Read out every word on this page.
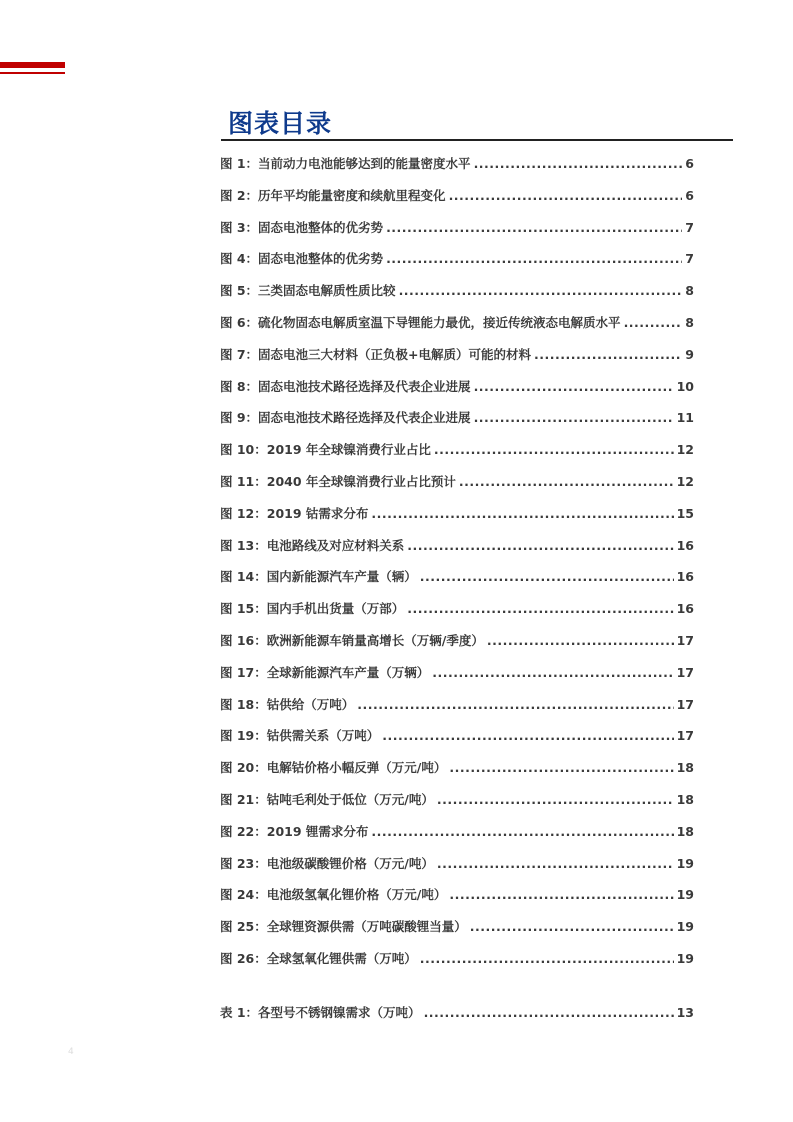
图表目录
图 1：当前动力电池能够达到的能量密度水平 .....	6
图 2：历年平均能量密度和续航里程变化 .....	6
图 3：固态电池整体的优劣势 .....	7
图 4：固态电池整体的优劣势 .....	7
图 5：三类固态电解质性质比较 .....	8
图 6：硫化物固态电解质室温下导锂能力最优，接近传统液态电解质水平 .....	8
图 7：固态电池三大材料（正负极+电解质）可能的材料 .....	9
图 8：固态电池技术路径选择及代表企业进展 .....	10
图 9：固态电池技术路径选择及代表企业进展 .....	11
图 10：2019 年全球镍消费行业占比 .....	12
图 11：2040 年全球镍消费行业占比预计 .....	12
图 12：2019 钴需求分布 .....	15
图 13：电池路线及对应材料关系 .....	16
图 14：国内新能源汽车产量（辆） .....	16
图 15：国内手机出货量（万部） .....	16
图 16：欧洲新能源车销量高增长（万辆/季度） .....	17
图 17：全球新能源汽车产量（万辆） .....	17
图 18：钴供给（万吨） .....	17
图 19：钴供需关系（万吨） .....	17
图 20：电解钴价格小幅反弹（万元/吨） .....	18
图 21：钴吨毛利处于低位（万元/吨） .....	18
图 22：2019 锂需求分布 .....	18
图 23：电池级碳酸锂价格（万元/吨） .....	19
图 24：电池级氢氧化锂价格（万元/吨） .....	19
图 25：全球锂资源供需（万吨碳酸锂当量） .....	19
图 26：全球氢氧化锂供需（万吨） .....	19
表 1：各型号不锈钢镍需求（万吨） .....	13
4
